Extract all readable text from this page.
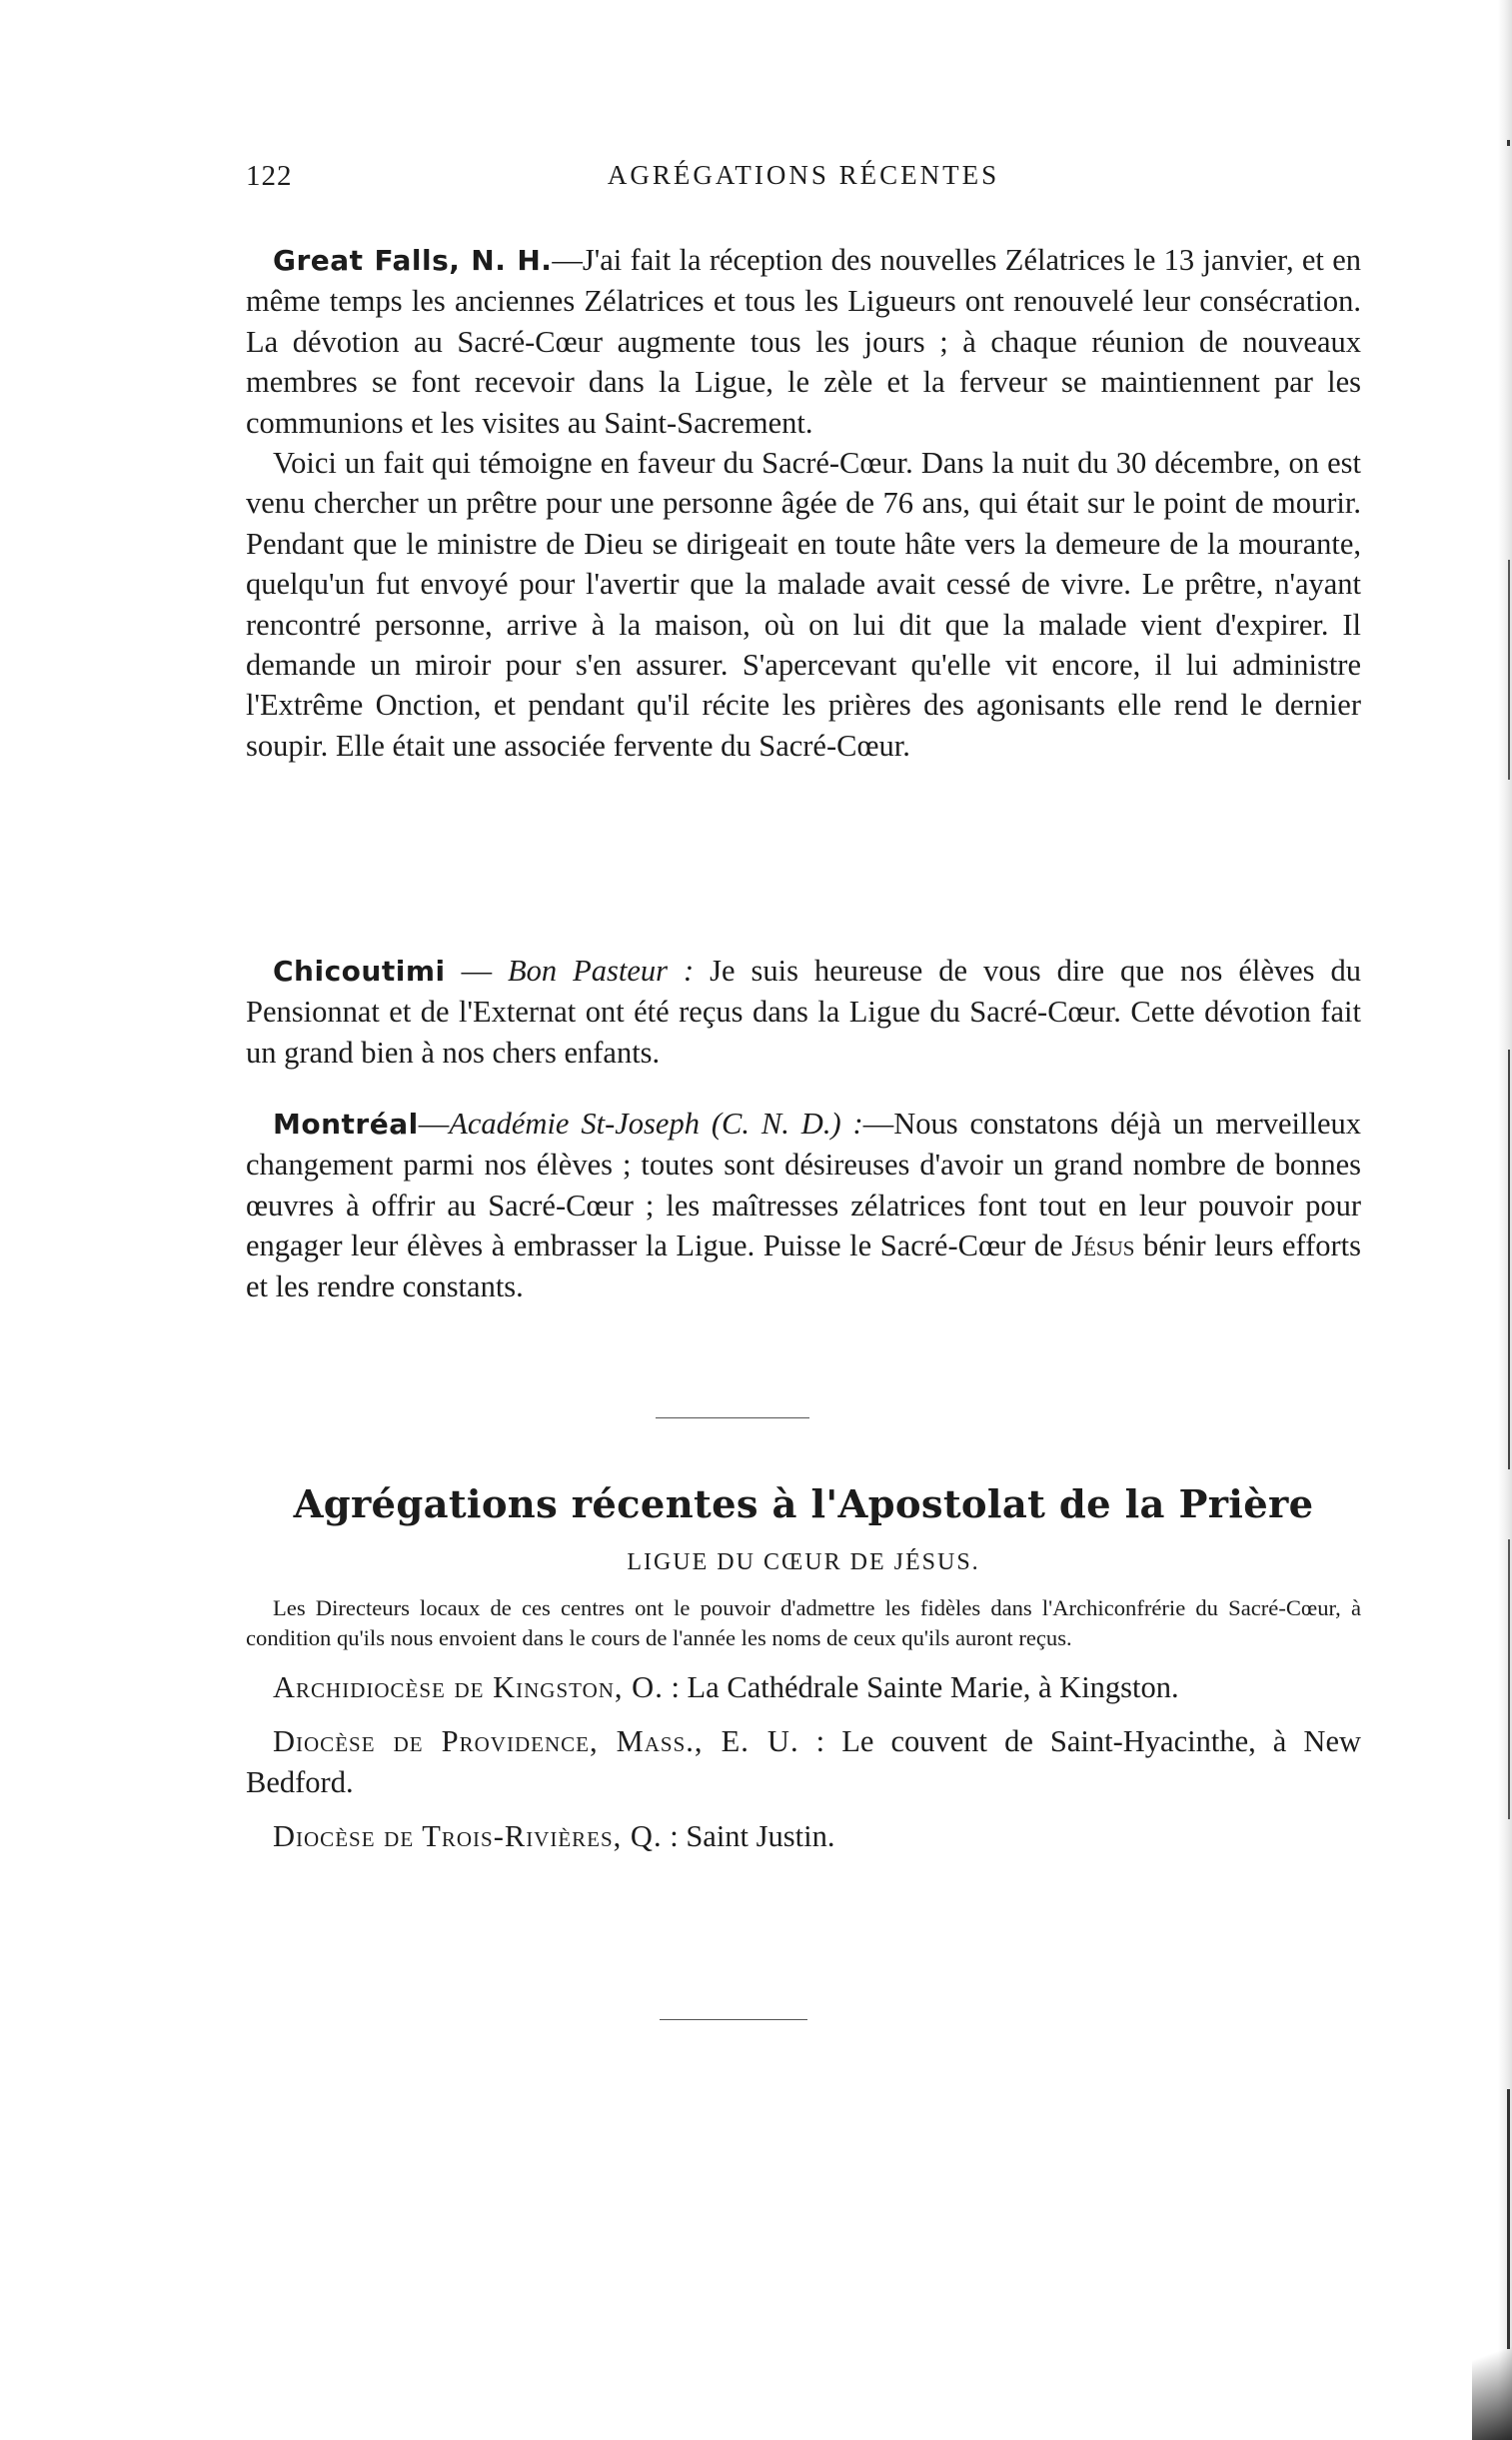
122	AGRÉGATIONS RÉCENTES

Great Falls, N. H.—J'ai fait la réception des nouvelles Zélatrices le 13 janvier, et en même temps les anciennes Zélatrices et tous les Ligueurs ont renouvelé leur consécration. La dévotion au Sacré-Cœur augmente tous les jours ; à chaque réunion de nouveaux membres se font recevoir dans la Ligue, le zèle et la ferveur se maintiennent par les communions et les visites au Saint-Sacrement.

Voici un fait qui témoigne en faveur du Sacré-Cœur. Dans la nuit du 30 décembre, on est venu chercher un prêtre pour une personne âgée de 76 ans, qui était sur le point de mourir. Pendant que le ministre de Dieu se dirigeait en toute hâte vers la demeure de la mourante, quelqu'un fut envoyé pour l'avertir que la malade avait cessé de vivre. Le prêtre, n'ayant rencontré personne, arrive à la maison, où on lui dit que la malade vient d'expirer. Il demande un miroir pour s'en assurer. S'apercevant qu'elle vit encore, il lui administre l'Extrême Onction, et pendant qu'il récite les prières des agonisants elle rend le dernier soupir. Elle était une associée fervente du Sacré-Cœur.

Chicoutimi — Bon Pasteur : Je suis heureuse de vous dire que nos élèves du Pensionnat et de l'Externat ont été reçus dans la Ligue du Sacré-Cœur. Cette dévotion fait un grand bien à nos chers enfants.

Montréal—Académie St-Joseph (C. N. D.) :—Nous constatons déjà un merveilleux changement parmi nos élèves ; toutes sont désireuses d'avoir un grand nombre de bonnes œuvres à offrir au Sacré-Cœur ; les maîtresses zélatrices font tout en leur pouvoir pour engager leur élèves à embrasser la Ligue. Puisse le Sacré-Cœur de Jésus bénir leurs efforts et les rendre constants.

Agrégations récentes à l'Apostolat de la Prière
LIGUE DU CŒUR DE JÉSUS.

Les Directeurs locaux de ces centres ont le pouvoir d'admettre les fidèles dans l'Archiconfrérie du Sacré-Cœur, à condition qu'ils nous envoient dans le cours de l'année les noms de ceux qu'ils auront reçus.

Archidiocèse de Kingston, O. : La Cathédrale Sainte Marie, à Kingston.

Diocèse de Providence, Mass., E. U. : Le couvent de Saint-Hyacinthe, à New Bedford.

Diocèse de Trois-Rivières, Q. : Saint Justin.
